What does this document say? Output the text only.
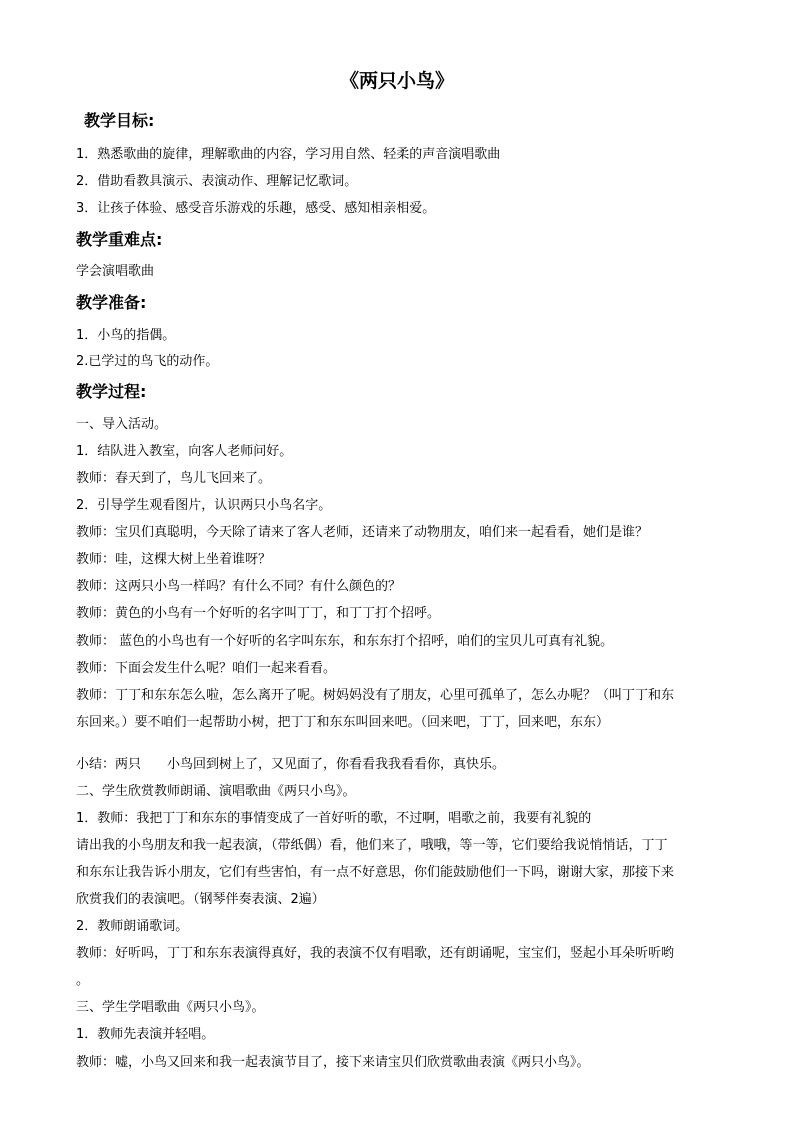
《两只小鸟》
教学目标:
1．熟悉歌曲的旋律，理解歌曲的内容，学习用自然、轻柔的声音演唱歌曲
2．借助看教具演示、表演动作、理解记忆歌词。
3．让孩子体验、感受音乐游戏的乐趣，感受、感知相亲相爱。
教学重难点:
学会演唱歌曲
教学准备:
1．小鸟的指偶。
2.已学过的鸟飞的动作。
教学过程:
一、导入活动。
1．结队进入教室，向客人老师问好。
教师：春天到了，鸟儿飞回来了。
2．引导学生观看图片，认识两只小鸟名字。
教师：宝贝们真聪明，今天除了请来了客人老师，还请来了动物朋友，咱们来一起看看，她们是谁？
教师：哇，这棵大树上坐着谁呀？
教师：这两只小鸟一样吗？有什么不同？有什么颜色的？
教师：黄色的小鸟有一个好听的名字叫丁丁，和丁丁打个招呼。
教师： 蓝色的小鸟也有一个好听的名字叫东东，和东东打个招呼，咱们的宝贝儿可真有礼貌。
教师：下面会发生什么呢？咱们一起来看看。
教师：丁丁和东东怎么啦，怎么离开了呢。树妈妈没有了朋友，心里可孤单了，怎么办呢？（叫丁丁和东
东回来。）要不咱们一起帮助小树，把丁丁和东东叫回来吧。（回来吧，丁丁，回来吧，东东）
小结：两只　　小鸟回到树上了，又见面了，你看看我我看看你，真快乐。
二、学生欣赏教师朗诵、演唱歌曲《两只小鸟》。
1．教师：我把丁丁和东东的事情变成了一首好听的歌，不过啊，唱歌之前，我要有礼貌的
请出我的小鸟朋友和我一起表演，（带纸偶）看，他们来了，哦哦，等一等，它们要给我说悄悄话，丁丁
和东东让我告诉小朋友，它们有些害怕，有一点不好意思，你们能鼓励他们一下吗，谢谢大家，那接下来
欣赏我们的表演吧。（钢琴伴奏表演、2遍）
2．教师朗诵歌词。
教师：好听吗，丁丁和东东表演得真好，我的表演不仅有唱歌，还有朗诵呢，宝宝们，竖起小耳朵听听哟
。
三、学生学唱歌曲《两只小鸟》。
1．教师先表演并轻唱。
教师：嘘，小鸟又回来和我一起表演节目了，接下来请宝贝们欣赏歌曲表演《两只小鸟》。
